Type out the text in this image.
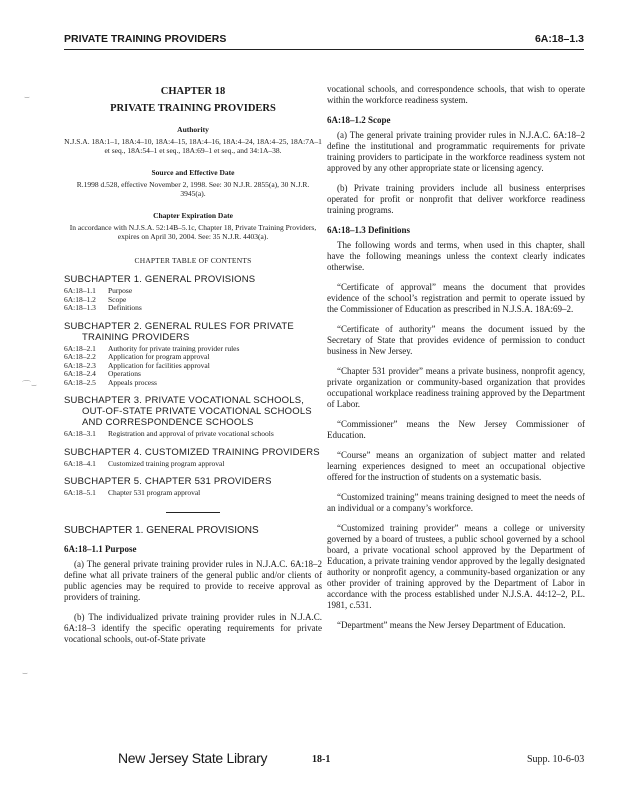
PRIVATE TRAINING PROVIDERS	6A:18–1.3
⌣
⌒⌣
⌣
CHAPTER 18
PRIVATE TRAINING PROVIDERS
Authority
N.J.S.A. 18A:1–1, 18A:4–10, 18A:4–15, 18A:4–16, 18A:4–24, 18A:4–25, 18A:7A–1 et seq., 18A:54–1 et seq., 18A:69–1 et seq., and 34:1A–38.
Source and Effective Date
R.1998 d.528, effective November 2, 1998. See: 30 N.J.R. 2855(a), 30 N.J.R. 3945(a).
Chapter Expiration Date
In accordance with N.J.S.A. 52:14B–5.1c, Chapter 18, Private Training Providers, expires on April 30, 2004. See: 35 N.J.R. 4403(a).
CHAPTER TABLE OF CONTENTS
SUBCHAPTER 1. GENERAL PROVISIONS
6A:18–1.1 Purpose
6A:18–1.2 Scope
6A:18–1.3 Definitions
SUBCHAPTER 2. GENERAL RULES FOR PRIVATE TRAINING PROVIDERS
6A:18–2.1 Authority for private training provider rules
6A:18–2.2 Application for program approval
6A:18–2.3 Application for facilities approval
6A:18–2.4 Operations
6A:18–2.5 Appeals process
SUBCHAPTER 3. PRIVATE VOCATIONAL SCHOOLS, OUT-OF-STATE PRIVATE VOCATIONAL SCHOOLS AND CORRESPONDENCE SCHOOLS
6A:18–3.1 Registration and approval of private vocational schools
SUBCHAPTER 4. CUSTOMIZED TRAINING PROVIDERS
6A:18–4.1 Customized training program approval
SUBCHAPTER 5. CHAPTER 531 PROVIDERS
6A:18–5.1 Chapter 531 program approval
SUBCHAPTER 1. GENERAL PROVISIONS
6A:18–1.1 Purpose

(a) The general private training provider rules in N.J.A.C. 6A:18–2 define what all private trainers of the general public and/or clients of public agencies may be required to provide to receive approval as providers of training.

(b) The individualized private training provider rules in N.J.A.C. 6A:18–3 identify the specific operating requirements for private vocational schools, out-of-State private

vocational schools, and correspondence schools, that wish to operate within the workforce readiness system.

6A:18–1.2 Scope

(a) The general private training provider rules in N.J.A.C. 6A:18–2 define the institutional and programmatic requirements for private training providers to participate in the workforce readiness system not approved by any other appropriate state or licensing agency.

(b) Private training providers include all business enterprises operated for profit or nonprofit that deliver workforce readiness training programs.

6A:18–1.3 Definitions

The following words and terms, when used in this chapter, shall have the following meanings unless the context clearly indicates otherwise.

“Certificate of approval” means the document that provides evidence of the school’s registration and permit to operate issued by the Commissioner of Education as prescribed in N.J.S.A. 18A:69–2.

“Certificate of authority” means the document issued by the Secretary of State that provides evidence of permission to conduct business in New Jersey.

“Chapter 531 provider” means a private business, nonprofit agency, private organization or community-based organization that provides occupational workplace readiness training approved by the Department of Labor.

“Commissioner” means the New Jersey Commissioner of Education.

“Course” means an organization of subject matter and related learning experiences designed to meet an occupational objective offered for the instruction of students on a systematic basis.

“Customized training” means training designed to meet the needs of an individual or a company’s workforce.

“Customized training provider” means a college or university governed by a board of trustees, a public school governed by a school board, a private vocational school approved by the Department of Education, a private training vendor approved by the legally designated authority or nonprofit agency, a community-based organization or any other provider of training approved by the Department of Labor in accordance with the process established under N.J.S.A. 44:12–2, P.L. 1981, c.531.

“Department” means the New Jersey Department of Education.

New Jersey State Library	18-1	Supp. 10-6-03
